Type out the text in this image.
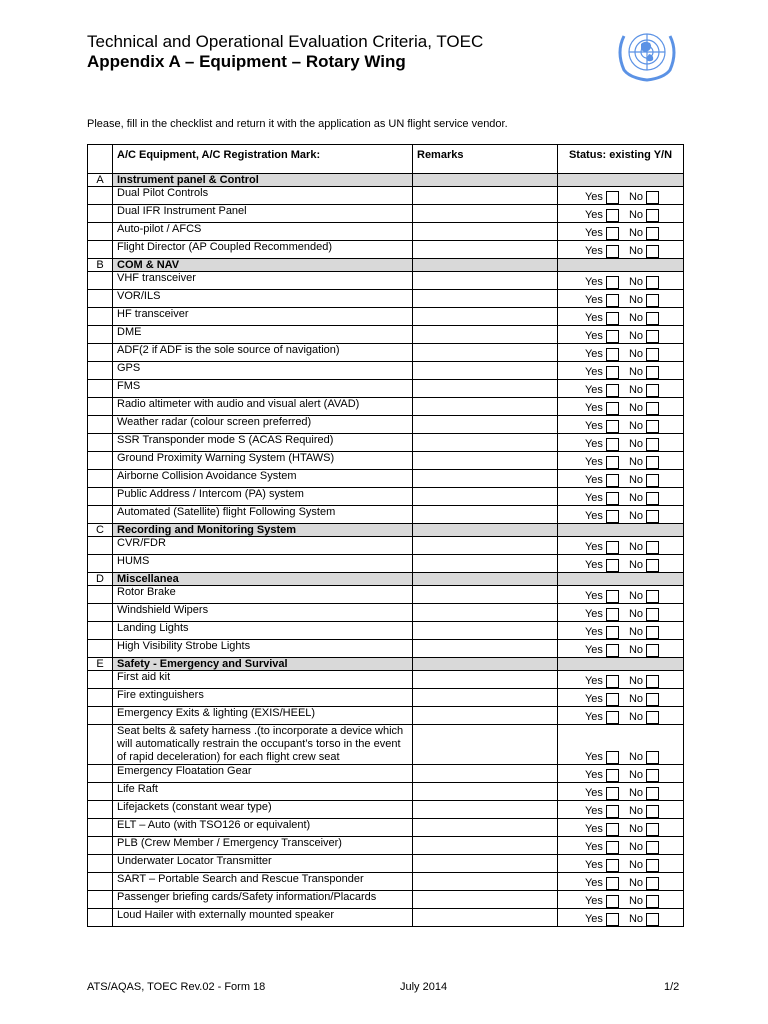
Technical and Operational Evaluation Criteria, TOEC
Appendix A – Equipment – Rotary Wing
Please, fill in the checklist and return it with the application as UN flight service vendor.
	A/C Equipment, A/C Registration Mark:	Remarks	Status: existing Y/N
A	Instrument panel & Control		
	Dual Pilot Controls		Yes No
	Dual IFR Instrument Panel		Yes No
	Auto-pilot / AFCS		Yes No
	Flight Director (AP Coupled Recommended)		Yes No
B	COM & NAV		
	VHF transceiver		Yes No
	VOR/ILS		Yes No
	HF transceiver		Yes No
	DME		Yes No
	ADF(2 if ADF is the sole source of navigation)		Yes No
	GPS		Yes No
	FMS		Yes No
	Radio altimeter with audio and visual alert (AVAD)		Yes No
	Weather radar (colour screen preferred)		Yes No
	SSR Transponder mode S (ACAS Required)		Yes No
	Ground Proximity Warning System (HTAWS)		Yes No
	Airborne Collision Avoidance System		Yes No
	Public Address / Intercom (PA) system		Yes No
	Automated (Satellite) flight Following System		Yes No
C	Recording and Monitoring System		
	CVR/FDR		Yes No
	HUMS		Yes No
D	Miscellanea		
	Rotor Brake		Yes No
	Windshield Wipers		Yes No
	Landing Lights		Yes No
	High Visibility Strobe Lights		Yes No
E	Safety - Emergency and Survival		
	First aid kit		Yes No
	Fire extinguishers		Yes No
	Emergency Exits & lighting (EXIS/HEEL)		Yes No
	Seat belts & safety harness .(to incorporate a device which will automatically restrain the occupant’s torso in the event of rapid deceleration) for each flight crew seat		Yes No
	Emergency Floatation Gear		Yes No
	Life Raft		Yes No
	Lifejackets (constant wear type)		Yes No
	ELT – Auto (with TSO126 or equivalent)		Yes No
	PLB (Crew Member / Emergency Transceiver)		Yes No
	Underwater Locator Transmitter		Yes No
	SART – Portable Search and Rescue Transponder		Yes No
	Passenger briefing cards/Safety information/Placards		Yes No
	Loud Hailer with externally mounted speaker		Yes No
ATS/AQAS, TOEC Rev.02 - Form 18	July 2014	1/2
